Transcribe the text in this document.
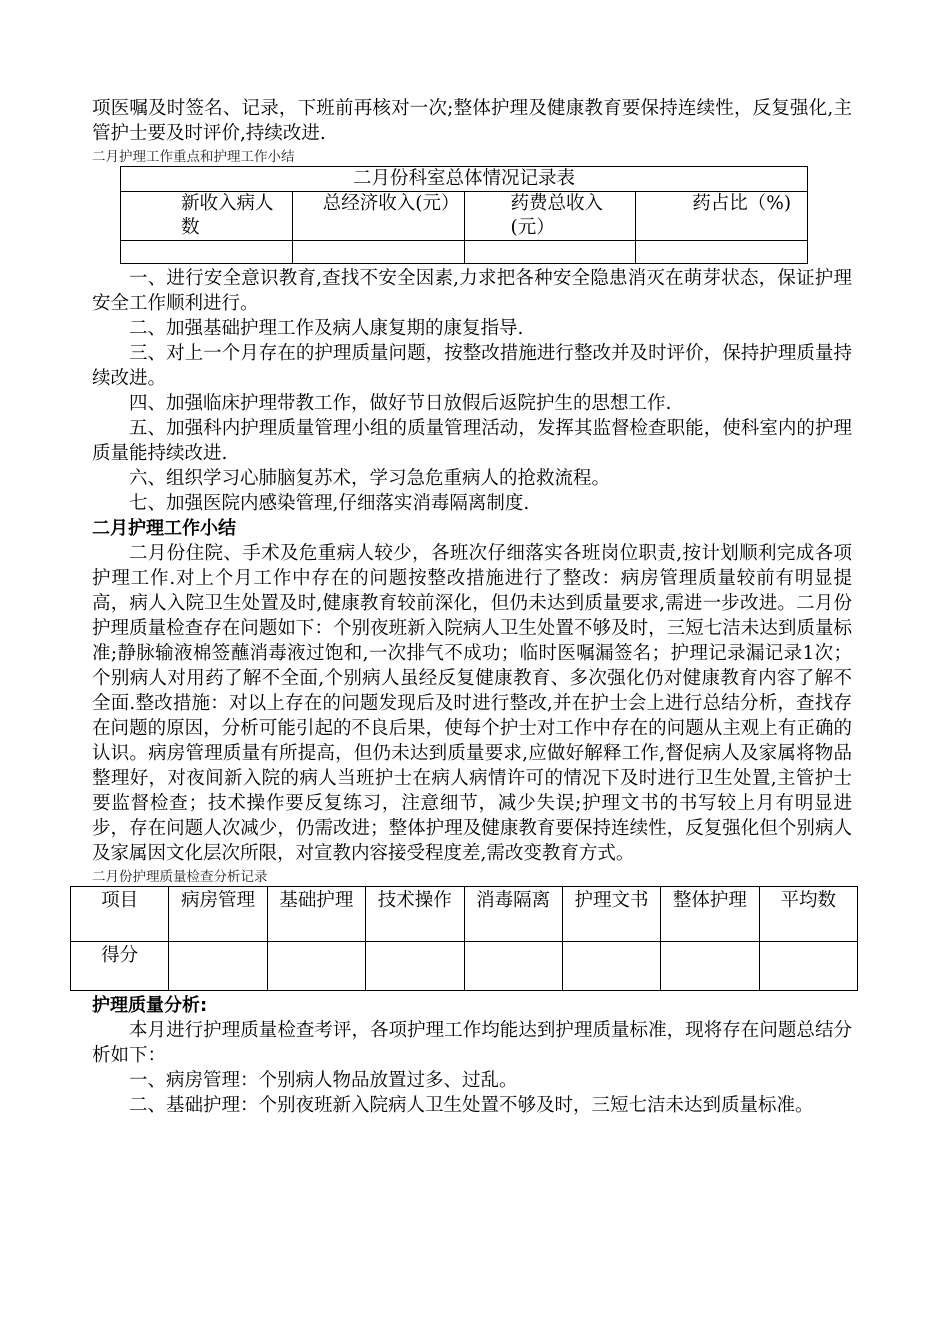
项医嘱及时签名、记录，下班前再核对一次;整体护理及健康教育要保持连续性，反复强化,主管护士要及时评价,持续改进.

二月护理工作重点和护理工作小结

二月份科室总体情况记录表			
新收入病人数	总经济收入(元）	药费总收入(元）	药占比（%)

一、进行安全意识教育,查找不安全因素,力求把各种安全隐患消灭在萌芽状态，保证护理安全工作顺利进行。

二、加强基础护理工作及病人康复期的康复指导.

三、对上一个月存在的护理质量问题，按整改措施进行整改并及时评价，保持护理质量持续改进。

四、加强临床护理带教工作，做好节日放假后返院护生的思想工作.

五、加强科内护理质量管理小组的质量管理活动，发挥其监督检查职能，使科室内的护理质量能持续改进.

六、组织学习心肺脑复苏术，学习急危重病人的抢救流程。

七、加强医院内感染管理,仔细落实消毒隔离制度.

二月护理工作小结

二月份住院、手术及危重病人较少，各班次仔细落实各班岗位职责,按计划顺利完成各项护理工作.对上个月工作中存在的问题按整改措施进行了整改：病房管理质量较前有明显提高，病人入院卫生处置及时,健康教育较前深化，但仍未达到质量要求,需进一步改进。二月份护理质量检查存在问题如下：个别夜班新入院病人卫生处置不够及时，三短七洁未达到质量标准;静脉输液棉签蘸消毒液过饱和,一次排气不成功；临时医嘱漏签名；护理记录漏记录1次；个别病人对用药了解不全面,个别病人虽经反复健康教育、多次强化仍对健康教育内容了解不全面.整改措施：对以上存在的问题发现后及时进行整改,并在护士会上进行总结分析，查找存在问题的原因，分析可能引起的不良后果，使每个护士对工作中存在的问题从主观上有正确的认识。病房管理质量有所提高，但仍未达到质量要求,应做好解释工作,督促病人及家属将物品整理好，对夜间新入院的病人当班护士在病人病情许可的情况下及时进行卫生处置,主管护士要监督检查；技术操作要反复练习，注意细节，减少失误;护理文书的书写较上月有明显进步，存在问题人次减少，仍需改进；整体护理及健康教育要保持连续性，反复强化但个别病人及家属因文化层次所限，对宣教内容接受程度差,需改变教育方式。

二月份护理质量检查分析记录

项目	病房管理	基础护理	技术操作	消毒隔离	护理文书	整体护理	平均数
得分							

护理质量分析:

本月进行护理质量检查考评，各项护理工作均能达到护理质量标准，现将存在问题总结分析如下：

一、病房管理：个别病人物品放置过多、过乱。

二、基础护理：个别夜班新入院病人卫生处置不够及时，三短七洁未达到质量标准。
